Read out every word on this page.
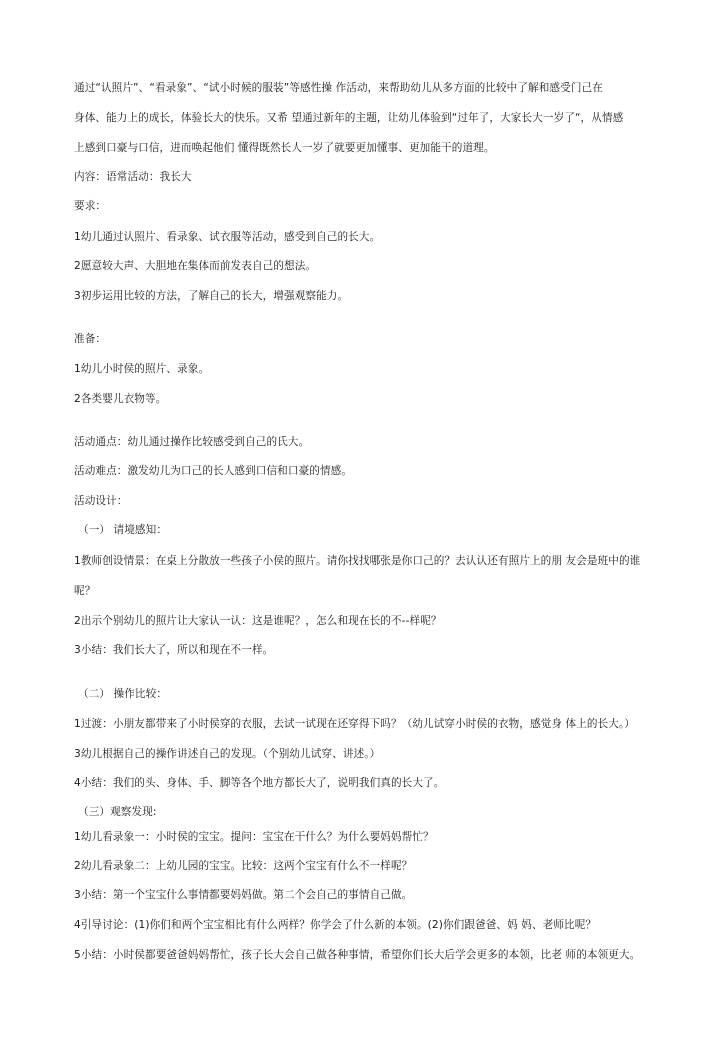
通过“认照片”、“看录象”、“试小时候的服装”等感性操 作活动，来帮助幼儿从多方面的比较中了解和感受门己在
身体、能力上的成长，体验长大的快乐。又希 望通过新年的主题，让幼儿体验到“过年了，大家长大一岁了“，从情感
上感到口豪与口信，进而唤起他们 懂得既然长人一岁了就要更加懂事、更加能干的道理。
内容：语常活动：我长大
要求：
1幼儿通过认照片、看录象、试衣服等活动，感受到自己的长大。
2愿意较大声、大胆地在集体而前发表自己的想法。
3初步运用比较的方法，了解自己的长大，增强观察能力。
准备：
1幼儿小时侯的照片、录象。
2各类婴儿衣物等。
活动通点：幼儿通过操作比较感受到自己的氏大。
活动难点：激发幼儿为口己的长人感到口信和口豪的情感。
活动设计：
（一） 请境感知：
1教师创设情景：在桌上分散放一些孩子小侯的照片。请你找找哪张是你口己的？去认认还有照片上的朋 友会是班中的谁
呢？
2出示个别幼儿的照片让大家认一认：这是谁呢？，怎么和现在长的不--样呢？
3小结：我们长大了，所以和现在不一样。
（二） 操作比较：
1过渡：小朋友都带来了小时侯穿的衣服，去试一试现在还穿得下吗？（幼儿试穿小时侯的衣物，感觉身 体上的长大。）
3幼儿根据自己的操作讲述自己的发现。（个别幼儿试穿、讲述。）
4小结：我们的头、身体、手、脚等各个地方都长大了，说明我们真的长大了。
（三）观察发现:
1幼儿看录象一：小时侯的宝宝。提问：宝宝在干什么？为什么要妈妈帮忙？
2幼儿看录象二：上幼儿园的宝宝。比较：这两个宝宝有什么不一样呢？
3小结：第一个宝宝什么事情都要妈妈做。第二个会自己的事情自己做。
4引导讨论：(1)你们和两个宝宝相比有什么两样？你学会了什么新的本领。(2)你们跟爸爸、妈 妈、老师比呢？
5小结：小时侯都要爸爸妈妈帮忙，孩子长大会自己做各种事情，希望你们长大后学会更多的本领，比老 师的本领更大。
